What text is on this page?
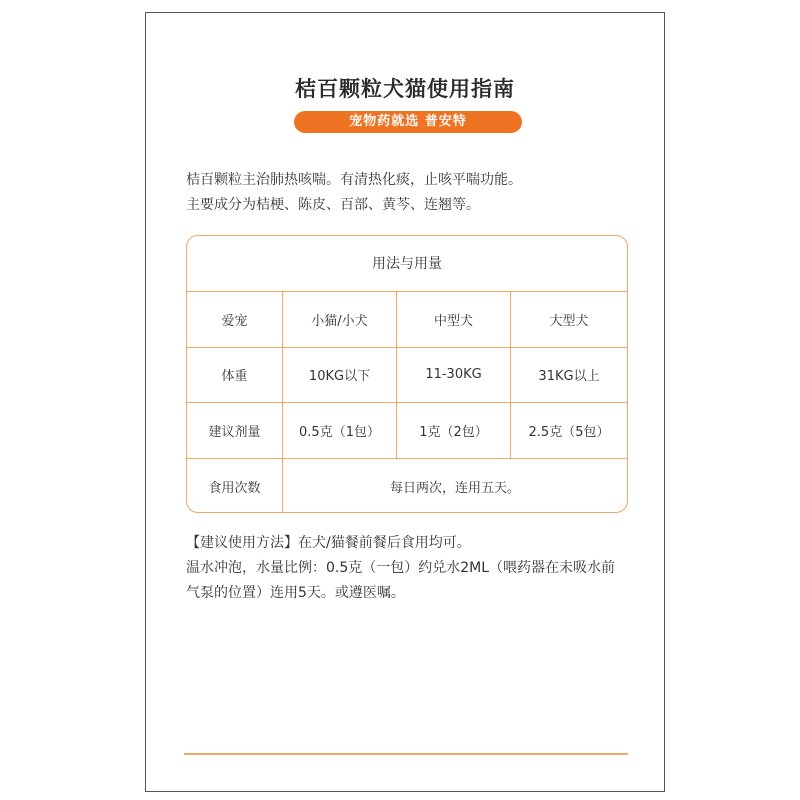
桔百颗粒犬猫使用指南
宠物药就选 普安特

桔百颗粒主治肺热咳喘。有清热化痰，止咳平喘功能。

主要成分为桔梗、陈皮、百部、黄芩、连翘等。

用法与用量
爱宠	小猫/小犬	中型犬	大型犬
体重	10KG以下	11-30KG	31KG以上
建议剂量	0.5克（1包）	1克（2包）	2.5克（5包）
食用次数	每日两次，连用五天。

【建议使用方法】在犬/猫餐前餐后食用均可。

温水冲泡，水量比例：0.5克（一包）约兑水2ML（喂药器在未吸水前

气泵的位置）连用5天。或遵医嘱。
